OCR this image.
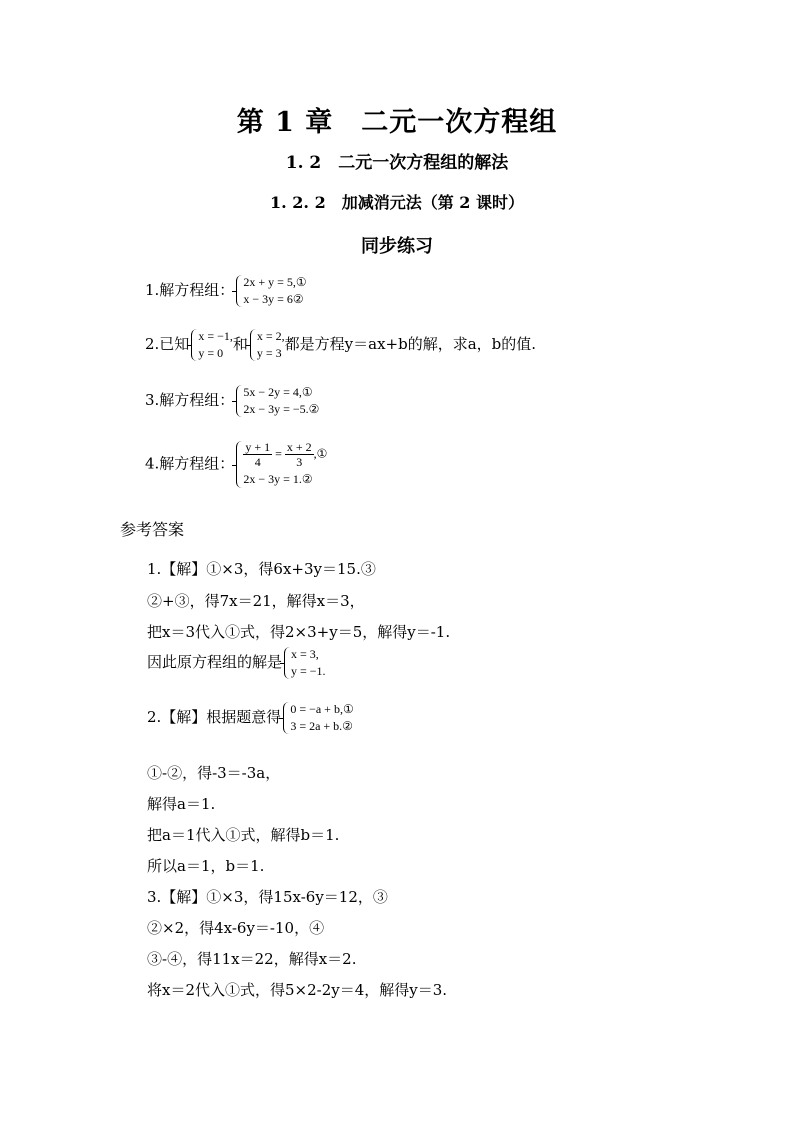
第 1 章　二元一次方程组
1. 2　二元一次方程组的解法
1. 2. 2　加减消元法（第 2 课时）
同步练习
1.解方程组： 2x + y = 5,①
x − 3y = 6②
2.已知 x = −1,
y = 0 和 x = 2,
y = 3 都是方程y＝ax+b的解，求a，b的值.
3.解方程组： 5x − 2y = 4,①
2x − 3y = −5.②
4.解方程组： $\frac{y + 1}{4} = \frac{x + 2}{3}$ ,①
2x − 3y = 1.②
参考答案
1.【解】①×3，得6x+3y＝15.③
②+③，得7x＝21，解得x＝3，
把x＝3代入①式，得2×3+y＝5，解得y＝-1.
因此原方程组的解是 x = 3,
y = −1.
2.【解】根据题意得 0 = −a + b,①
3 = 2a + b.②
①-②，得-3＝-3a，
解得a＝1.
把a＝1代入①式，解得b＝1.
所以a＝1，b＝1.
3.【解】①×3，得15x-6y＝12，③
②×2，得4x-6y＝-10，④
③-④，得11x＝22，解得x＝2.
将x＝2代入①式，得5×2-2y＝4，解得y＝3.
